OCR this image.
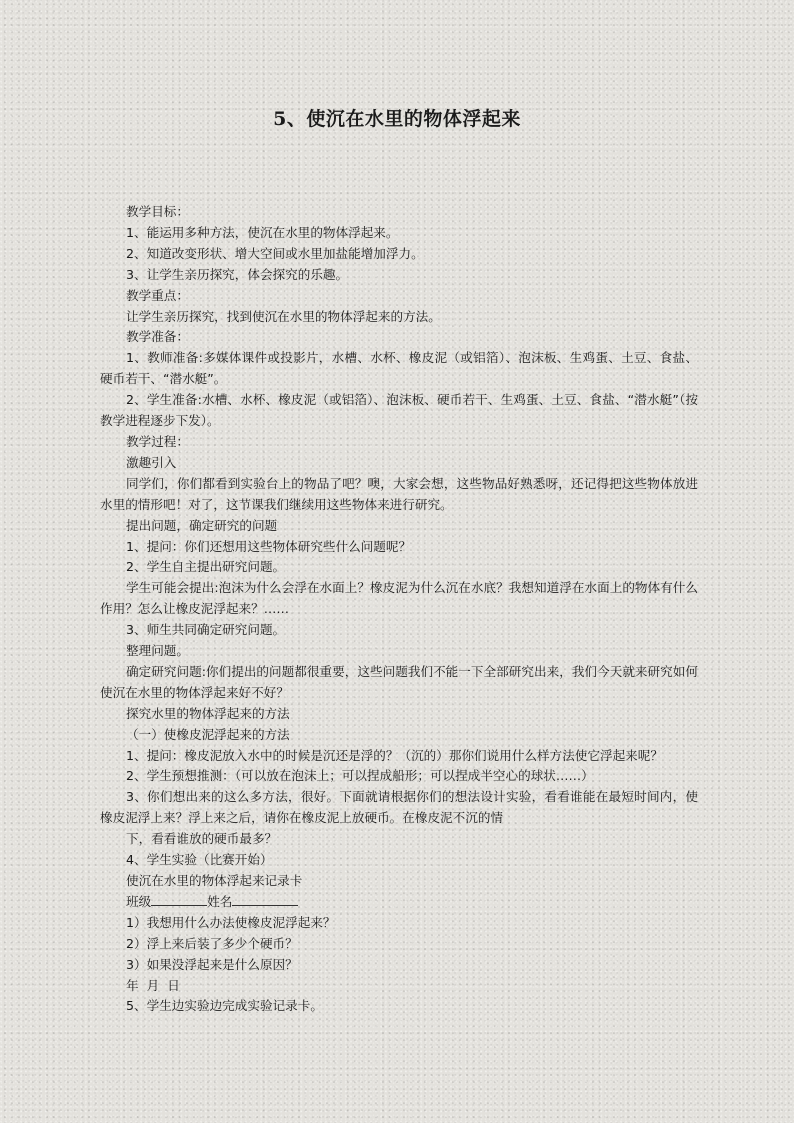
5、使沉在水里的物体浮起来

教学目标：

1、能运用多种方法，使沉在水里的物体浮起来。

2、知道改变形状、增大空间或水里加盐能增加浮力。

3、让学生亲历探究，体会探究的乐趣。

教学重点：

让学生亲历探究，找到使沉在水里的物体浮起来的方法。

教学准备：

1、教师准备:多媒体课件或投影片，水槽、水杯、橡皮泥（或铝箔）、泡沫板、生鸡蛋、土豆、食盐、硬币若干、“潜水艇”。

2、学生准备:水槽、水杯、橡皮泥（或铝箔）、泡沫板、硬币若干、生鸡蛋、土豆、食盐、“潜水艇”（按教学进程逐步下发）。

教学过程：

激趣引入

同学们，你们都看到实验台上的物品了吧？噢，大家会想，这些物品好熟悉呀，还记得把这些物体放进水里的情形吧！对了，这节课我们继续用这些物体来进行研究。

提出问题，确定研究的问题

1、提问：你们还想用这些物体研究些什么问题呢？

2、学生自主提出研究问题。

学生可能会提出:泡沫为什么会浮在水面上？橡皮泥为什么沉在水底？我想知道浮在水面上的物体有什么作用？怎么让橡皮泥浮起来？……

3、师生共同确定研究问题。

整理问题。

确定研究问题:你们提出的问题都很重要，这些问题我们不能一下全部研究出来，我们今天就来研究如何使沉在水里的物体浮起来好不好？

探究水里的物体浮起来的方法

（一）使橡皮泥浮起来的方法

1、提问：橡皮泥放入水中的时候是沉还是浮的？（沉的）那你们说用什么样方法使它浮起来呢？

2、学生预想推测：（可以放在泡沫上；可以捏成船形；可以捏成半空心的球状……）

3、你们想出来的这么多方法，很好。下面就请根据你们的想法设计实验，看看谁能在最短时间内，使橡皮泥浮上来？浮上来之后，请你在橡皮泥上放硬币。在橡皮泥不沉的情

下，看看谁放的硬币最多？

4、学生实验（比赛开始）

使沉在水里的物体浮起来记录卡

班级	姓名

1）我想用什么办法使橡皮泥浮起来？

2）浮上来后装了多少个硬币？

3）如果没浮起来是什么原因？

年 月 日

5、学生边实验边完成实验记录卡。
